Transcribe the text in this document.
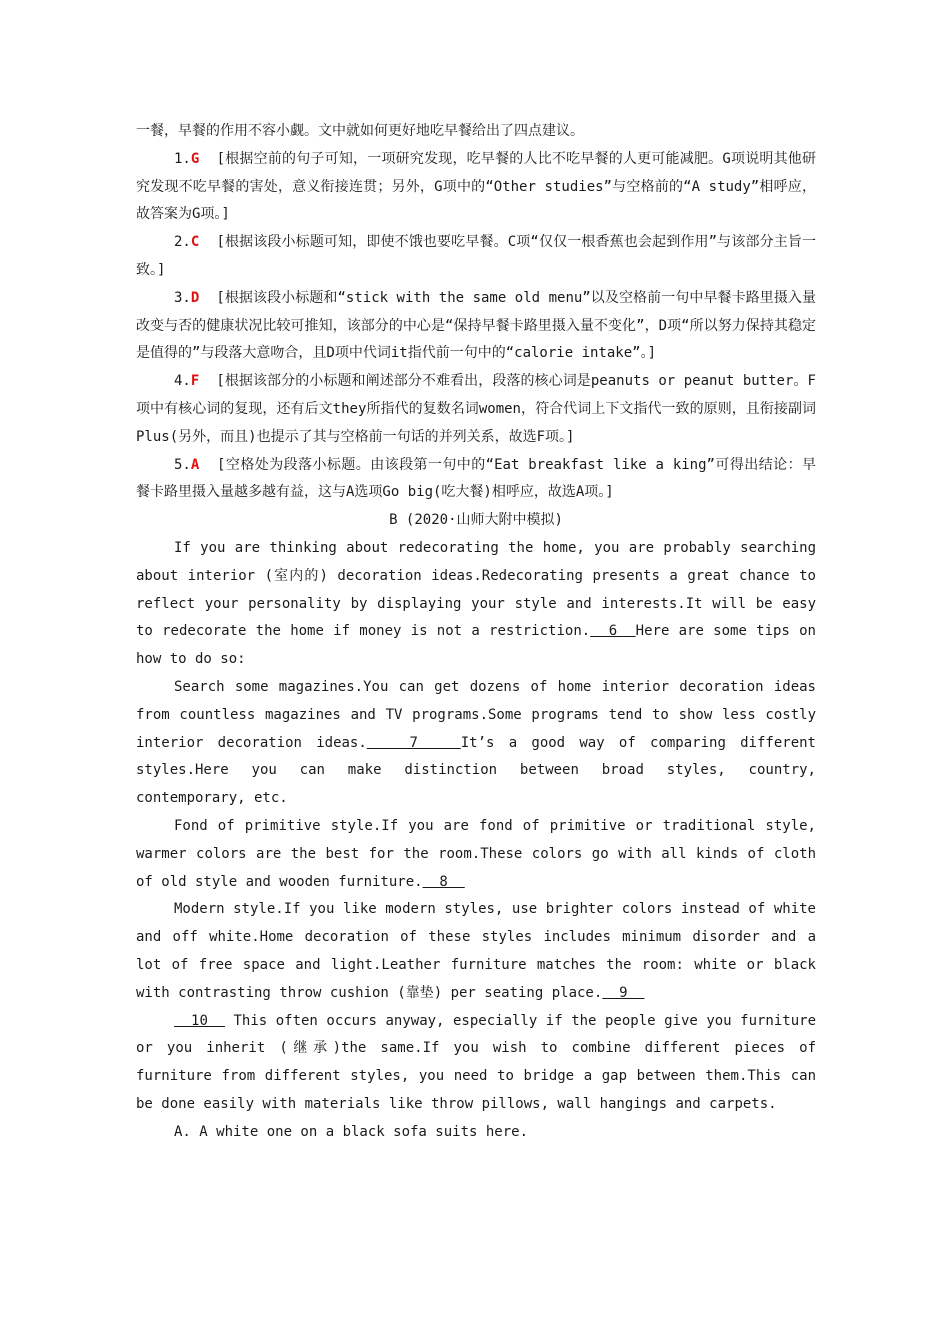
一餐，早餐的作用不容小觑。文中就如何更好地吃早餐给出了四点建议。

1.G [根据空前的句子可知，一项研究发现，吃早餐的人比不吃早餐的人更可能减肥。G项说明其他研究发现不吃早餐的害处，意义衔接连贯；另外，G项中的“Other studies”与空格前的“A study”相呼应，故答案为G项。]

2.C [根据该段小标题可知，即使不饿也要吃早餐。C项“仅仅一根香蕉也会起到作用”与该部分主旨一致。]

3.D [根据该段小标题和“stick with the same old menu”以及空格前一句中早餐卡路里摄入量改变与否的健康状况比较可推知，该部分的中心是“保持早餐卡路里摄入量不变化”，D项“所以努力保持其稳定是值得的”与段落大意吻合，且D项中代词it指代前一句中的“calorie intake”。]

4.F [根据该部分的小标题和阐述部分不难看出，段落的核心词是peanuts or peanut butter。F项中有核心词的复现，还有后文they所指代的复数名词women，符合代词上下文指代一致的原则，且衔接副词Plus(另外，而且)也提示了其与空格前一句话的并列关系，故选F项。]

5.A [空格处为段落小标题。由该段第一句中的“Eat breakfast like a king”可得出结论：早餐卡路里摄入量越多越有益，这与A选项Go big(吃大餐)相呼应，故选A项。]

B (2020·山师大附中模拟)

If you are thinking about redecorating the home, you are probably searching about interior (室内的) decoration ideas.Redecorating presents a great chance to reflect your personality by displaying your style and interests.It will be easy to redecorate the home if money is not a restriction.  6  Here are some tips on how to do so:

Search some magazines.You can get dozens of home interior decoration ideas from countless magazines and TV programs.Some programs tend to show less costly interior decoration ideas.   7   It’s a good way of comparing different styles.Here you can make distinction between broad styles, country, contemporary, etc.

Fond of primitive style.If you are fond of primitive or traditional style, warmer colors are the best for the room.These colors go with all kinds of cloth of old style and wooden furniture.  8

Modern style.If you like modern styles, use brighter colors instead of white and off white.Home decoration of these styles includes minimum disorder and a lot of free space and light.Leather furniture matches the room: white or black with contrasting throw cushion (靠垫) per seating place.  9

10   This often occurs anyway, especially if the people give you furniture or you inherit (继承)the same.If you wish to combine different pieces of furniture from different styles, you need to bridge a gap between them.This can be done easily with materials like throw pillows, wall hangings and carpets.

A. A white one on a black sofa suits here.
